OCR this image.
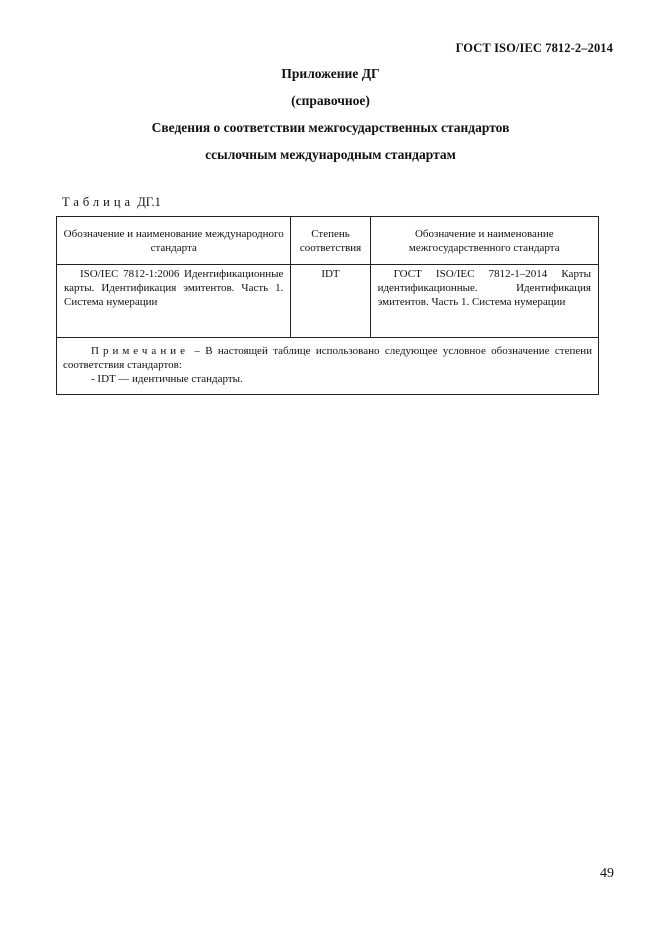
ГОСТ ISO/IEC 7812-2–2014
Приложение ДГ
(справочное)
Сведения о соответствии межгосударственных стандартов
ссылочным международным стандартам
Таблица ДГ.1
Обозначение и наименование международного стандарта	Степень соответствия	Обозначение и наименование межгосударственного стандарта

ISO/IEC 7812-1:2006 Идентификационные карты. Идентификация эмитентов. Часть 1. Система нумерации	IDT	ГОСТ ISO/IEC 7812-1–2014 Карты идентификационные. Идентификация эмитентов. Часть 1. Система нумерации

Примечание – В настоящей таблице использовано следующее условное обозначение степени соответствия стандартов:
- IDT — идентичные стандарты.		
49
